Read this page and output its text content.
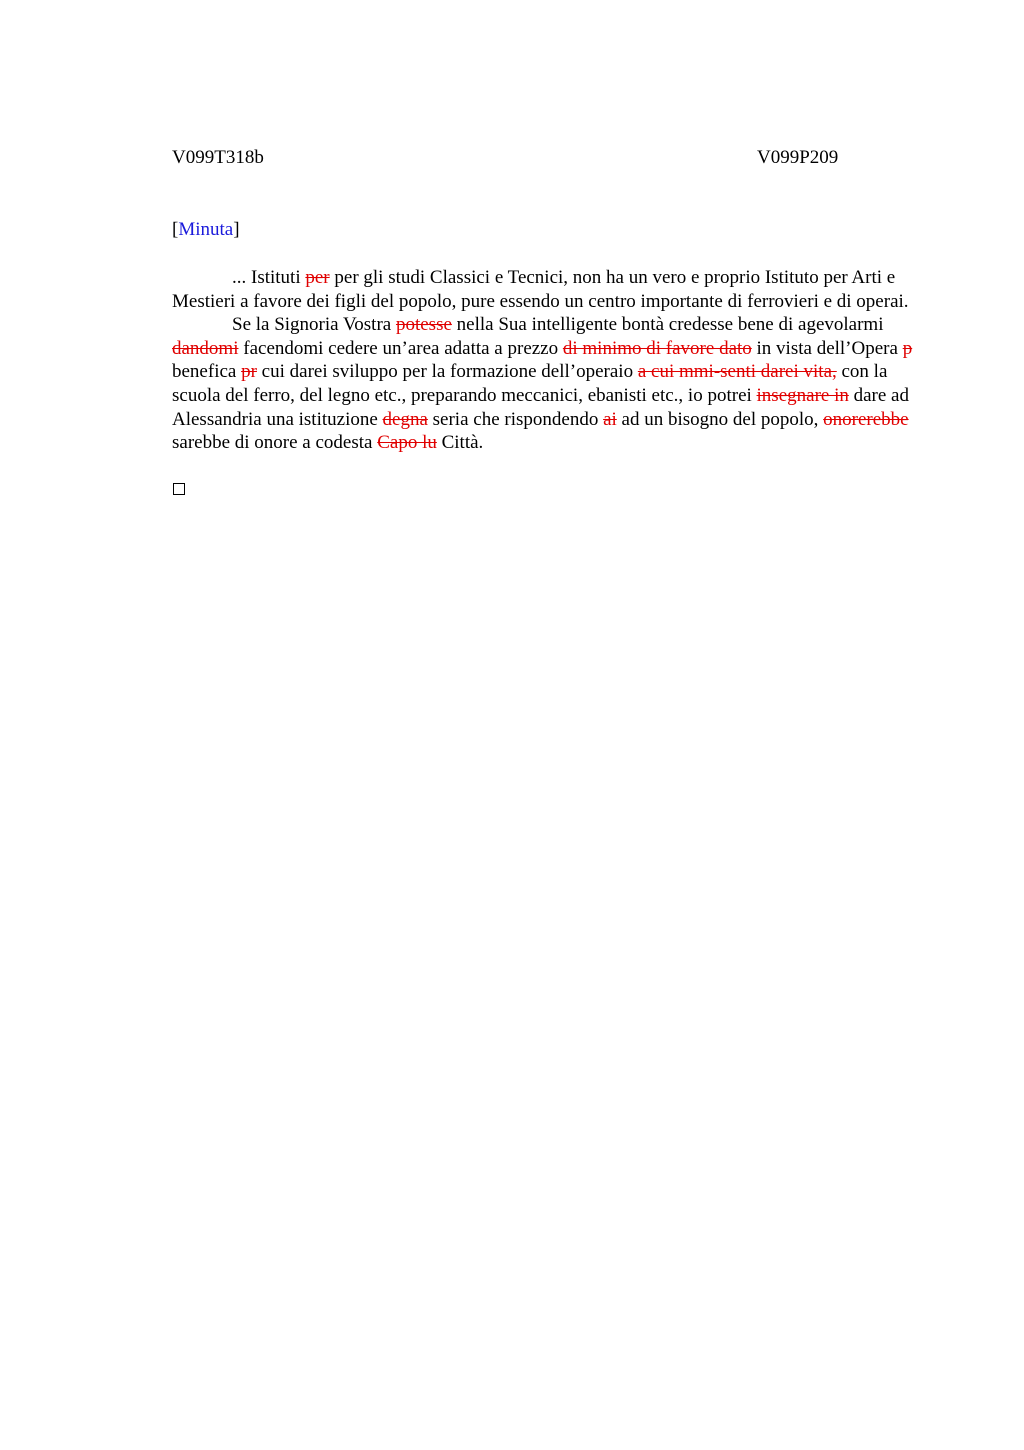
V099T318b	V099P209
[Minuta]

... Istituti per per gli studi Classici e Tecnici, non ha un vero e proprio Istituto per Arti e Mestieri a favore dei figli del popolo, pure essendo un centro importante di ferrovieri e di operai.

Se la Signoria Vostra potesse nella Sua intelligente bontà credesse bene di agevolarmi dandomi facendomi cedere un’area adatta a prezzo di minimo di favore dato in vista dell’Opera p benefica pr cui darei sviluppo per la formazione dell’operaio a cui mmi-senti darei vita, con la scuola del ferro, del legno etc., preparando meccanici, ebanisti etc., io potrei insegnare in dare ad Alessandria una istituzione degna seria che rispondendo ai ad un bisogno del popolo, onorerebbe sarebbe di onore a codesta Capo lu Città.
